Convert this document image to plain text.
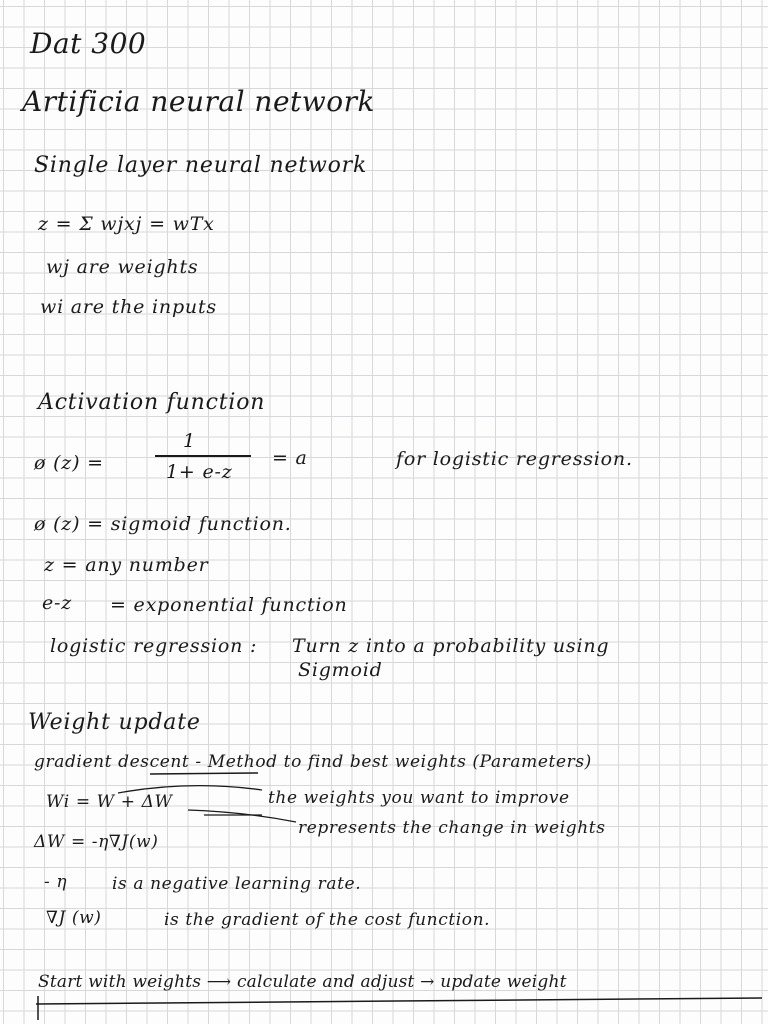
Dat 300
Artificia neural network
Single layer neural network
z = Σ wjxj = wTx
wj are weights
wi are the inputs
Activation function
ø (z) =
1
1+ e-z
= a	for logistic regression.
ø (z) = sigmoid function.
z = any number
e-z = exponential function
logistic regression : Turn z into a probability using
Sigmoid
Weight update
gradient descent - Method to find best weights (Parameters)
Wi = W + ΔW	the weights you want to improve
ΔW = -η∇J(w)
represents the change in weights
- η	is a negative learning rate.
∇J (w)	is the gradient of the cost function.
Start with weights ⟶ calculate and adjust → update weight
